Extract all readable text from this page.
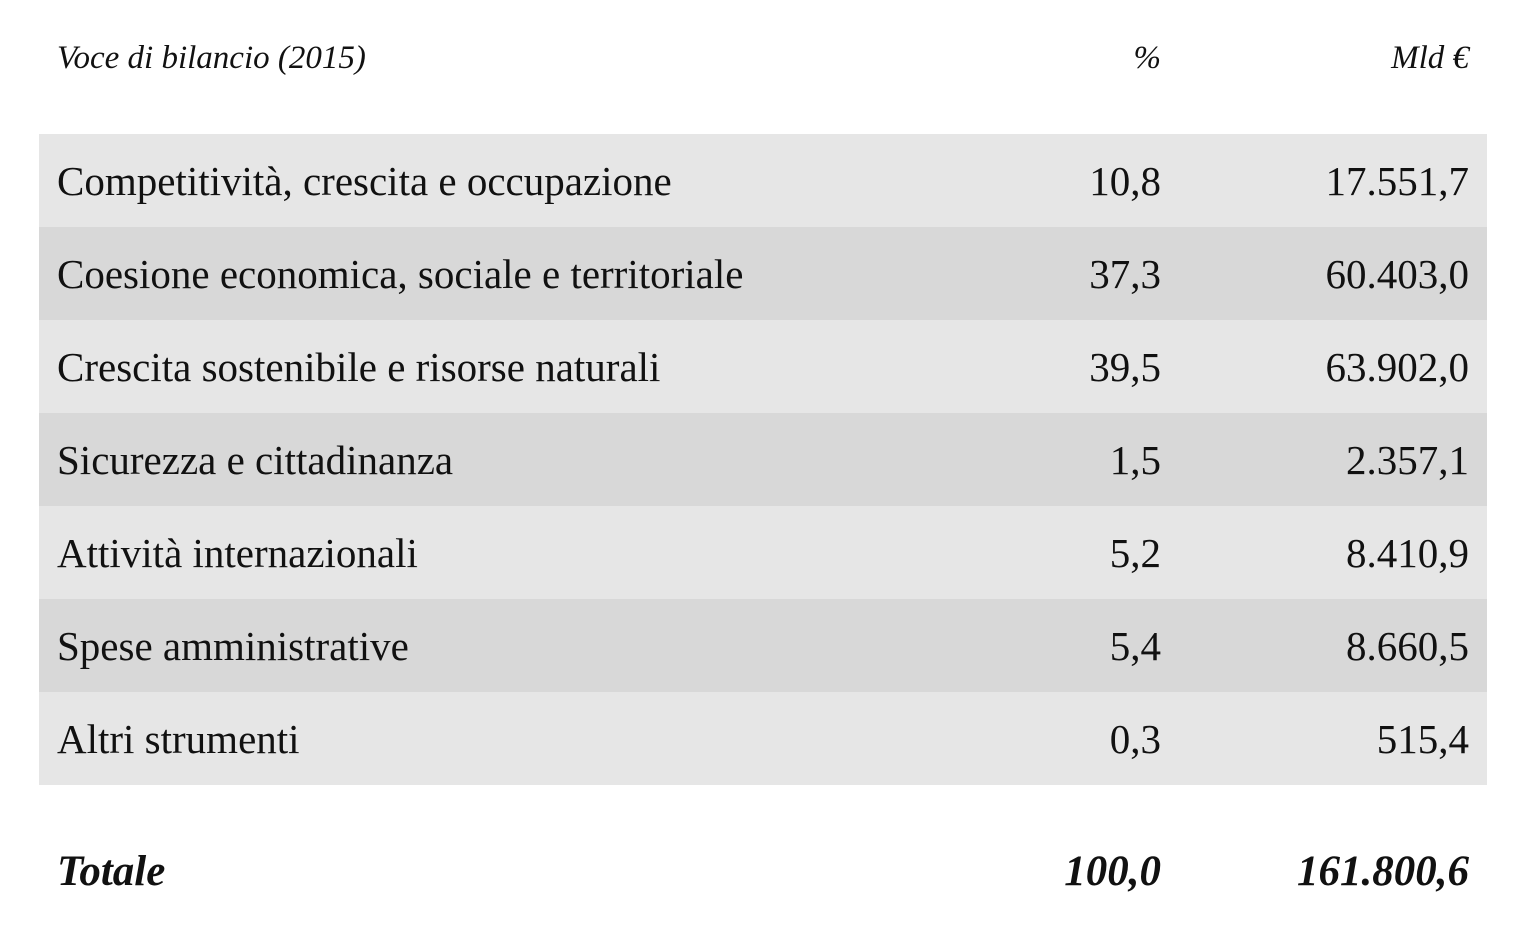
Voce di bilancio (2015)	%	Mld €
Competitività, crescita e occupazione	10,8	17.551,7
Coesione economica, sociale e territoriale	37,3	60.403,0
Crescita sostenibile e risorse naturali	39,5	63.902,0
Sicurezza e cittadinanza	1,5	2.357,1
Attività internazionali	5,2	8.410,9
Spese amministrative	5,4	8.660,5
Altri strumenti	0,3	515,4
Totale	100,0	161.800,6
